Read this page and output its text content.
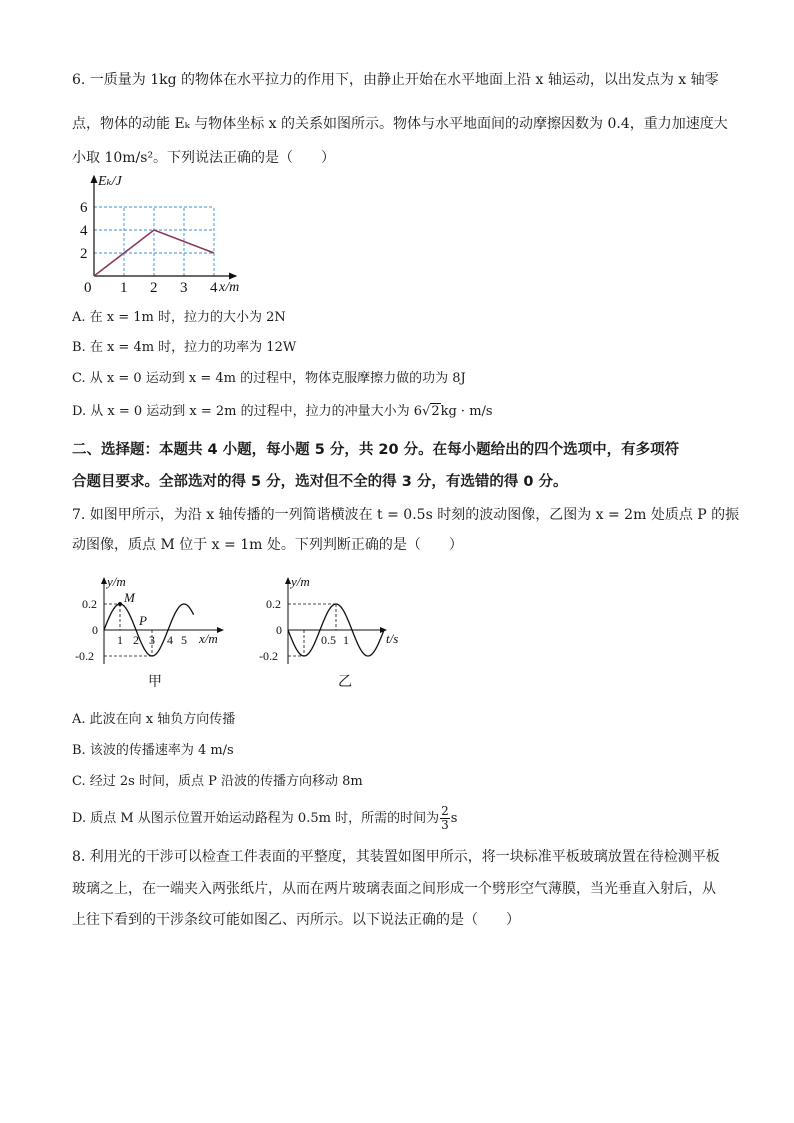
6. 一质量为 1kg 的物体在水平拉力的作用下，由静止开始在水平地面上沿 x 轴运动，以出发点为 x 轴零
点，物体的动能 Eₖ 与物体坐标 x 的关系如图所示。物体与水平地面间的动摩擦因数为 0.4，重力加速度大
小取 10m/s²。下列说法正确的是（　　）
0 1 2 3 4
2
4
6
Eₖ/J
x/m
A. 在 x = 1m 时，拉力的大小为 2N
B. 在 x = 4m 时，拉力的功率为 12W
C. 从 x = 0 运动到 x = 4m 的过程中，物体克服摩擦力做的功为 8J
D. 从 x = 0 运动到 x = 2m 的过程中，拉力的冲量大小为 6√2kg · m/s
二、选择题：本题共 4 小题，每小题 5 分，共 20 分。在每小题给出的四个选项中，有多项符
合题目要求。全部选对的得 5 分，选对但不全的得 3 分，有选错的得 0 分。
7. 如图甲所示，为沿 x 轴传播的一列简谐横波在 t = 0.5s 时刻的波动图像，乙图为 x = 2m 处质点 P 的振
动图像，质点 M 位于 x = 1m 处。下列判断正确的是（　　）
M
P
0.2
0
-0.2
1 2 3 4 5
y/m
x/m
甲
0.2
0
-0.2
0.5 1
y/m
t/s
乙
A. 此波在向 x 轴负方向传播
B. 该波的传播速率为 4 m/s
C. 经过 2s 时间，质点 P 沿波的传播方向移动 8m
D. 质点 M 从图示位置开始运动路程为 0.5m 时，所需的时间为 $\frac{2}{3}$ s
8. 利用光的干涉可以检查工件表面的平整度，其装置如图甲所示，将一块标准平板玻璃放置在待检测平板
玻璃之上，在一端夹入两张纸片，从而在两片玻璃表面之间形成一个劈形空气薄膜，当光垂直入射后，从
上往下看到的干涉条纹可能如图乙、丙所示。以下说法正确的是（　　）
